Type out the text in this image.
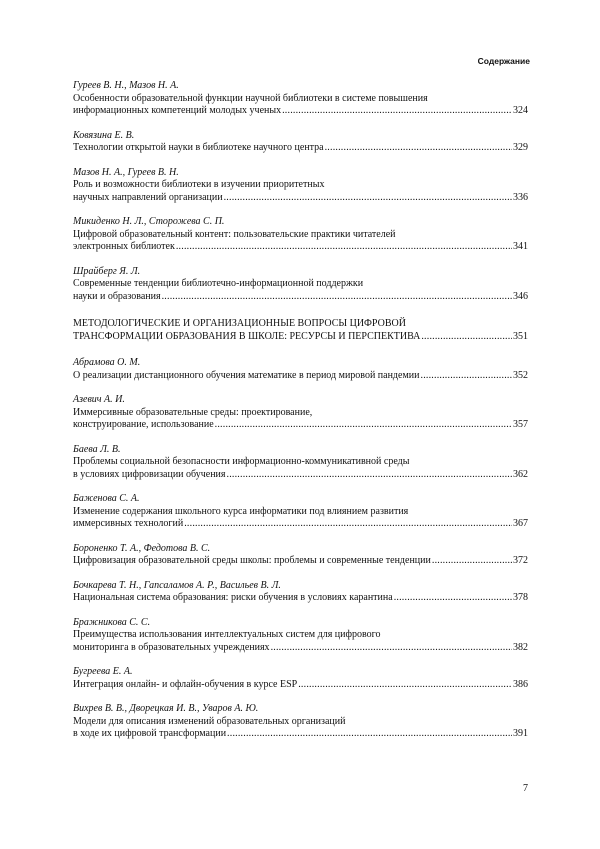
Содержание
Гуреев В. Н., Мазов Н. А.
Особенности образовательной функции научной библиотеки в системе повышения
информационных компетенций молодых ученых .....	324
Ковязина Е. В.
Технологии открытой науки в библиотеке научного центра .....	329
Мазов Н. А., Гуреев В. Н.
Роль и возможности библиотеки в изучении приоритетных
научных направлений организации .....	336
Микиденко Н. Л., Сторожева С. П.
Цифровой образовательный контент: пользовательские практики читателей
электронных библиотек .....	341
Шрайберг Я. Л.
Современные тенденции библиотечно-информационной поддержки
науки и образования .....	346
МЕТОДОЛОГИЧЕСКИЕ И ОРГАНИЗАЦИОННЫЕ ВОПРОСЫ ЦИФРОВОЙ
ТРАНСФОРМАЦИИ ОБРАЗОВАНИЯ В ШКОЛЕ: РЕСУРСЫ И ПЕРСПЕКТИВА .....	351
Абрамова О. М.
О реализации дистанционного обучения математике в период мировой пандемии .....	352
Азевич А. И.
Иммерсивные образовательные среды: проектирование,
конструирование, использование .....	357
Баева Л. В.
Проблемы социальной безопасности информационно-коммуникативной среды
в условиях цифровизации обучения .....	362
Баженова С. А.
Изменение содержания школьного курса информатики под влиянием развития
иммерсивных технологий .....	367
Бороненко Т. А., Федотова В. С.
Цифровизация образовательной среды школы: проблемы и современные тенденции .....	372
Бочкарева Т. Н., Гапсаламов А. Р., Васильев В. Л.
Национальная система образования: риски обучения в условиях карантина .....	378
Бражникова С. С.
Преимущества использования интеллектуальных систем для цифрового
мониторинга в образовательных учреждениях .....	382
Бугреева Е. А.
Интеграция онлайн- и офлайн-обучения в курсе ESP .....	386
Вихрев В. В., Дворецкая И. В., Уваров А. Ю.
Модели для описания изменений образовательных организаций
в ходе их цифровой трансформации .....	391
7
